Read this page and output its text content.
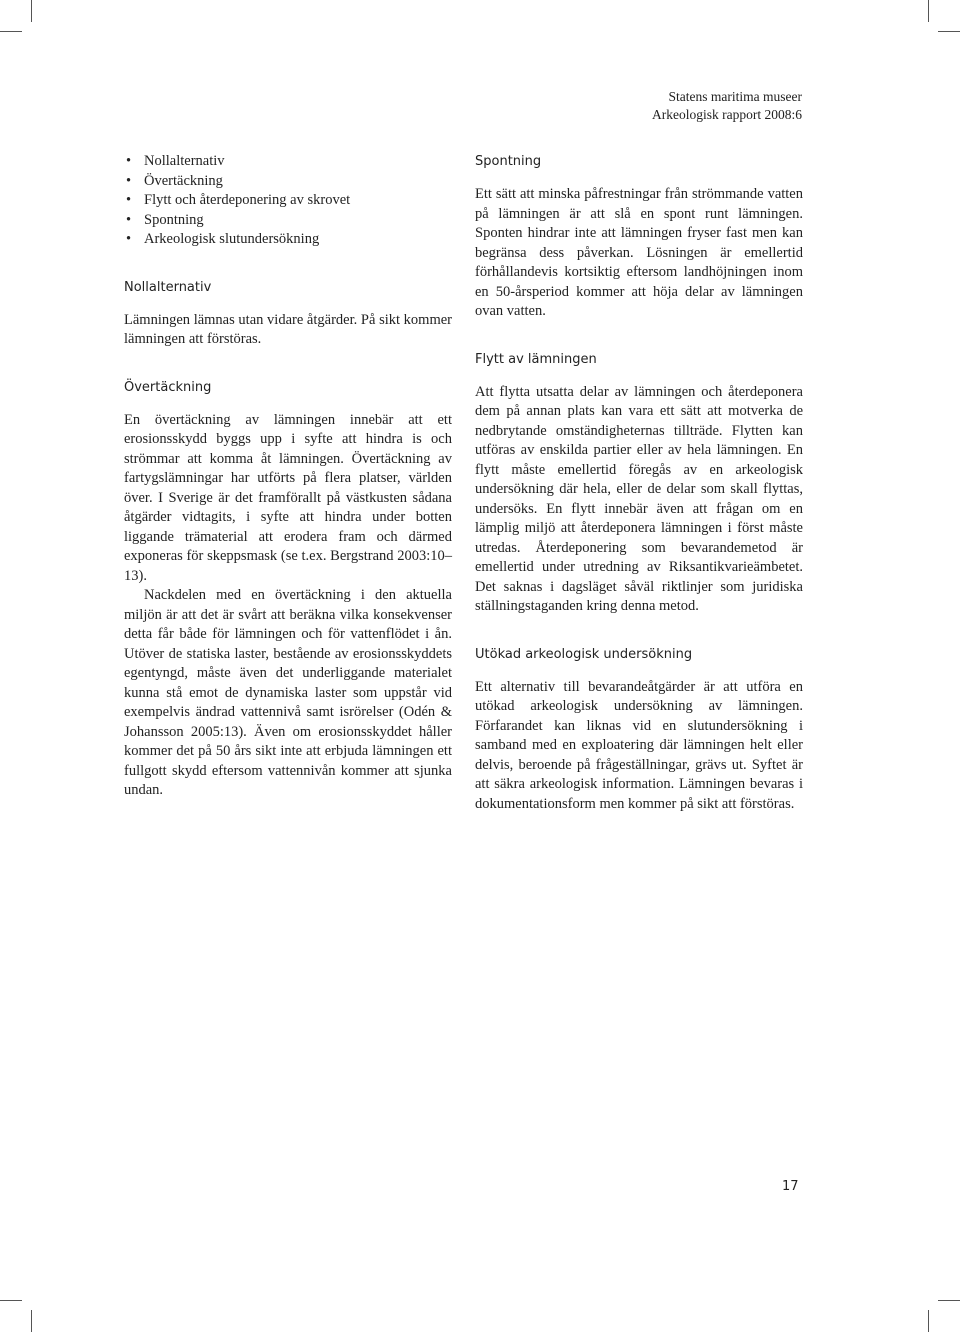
Statens maritima museer
Arkeologisk rapport 2008:6
• Nollalternativ
• Övertäckning
• Flytt och återdeponering av skrovet
• Spontning
• Arkeologisk slutundersökning
Nollalternativ

Lämningen lämnas utan vidare åtgärder. På sikt kommer lämningen att förstöras.

Övertäckning

En övertäckning av lämningen innebär att ett erosionsskydd byggs upp i syfte att hindra is och strömmar att komma åt lämningen. Övertäckning av fartygslämningar har utförts på flera platser, världen över. I Sverige är det framförallt på västkusten sådana åtgärder vidtagits, i syfte att hindra under botten liggande trämaterial att erodera fram och därmed exponeras för skeppsmask (se t.ex. Bergstrand 2003:10–13).

Nackdelen med en övertäckning i den aktuella miljön är att det är svårt att beräkna vilka konsekvenser detta får både för lämningen och för vattenflödet i ån. Utöver de statiska laster, bestående av erosionsskyddets egentyngd, måste även det underliggande materialet kunna stå emot de dynamiska laster som uppstår vid exempelvis ändrad vattennivå samt isrörelser (Odén & Johansson 2005:13). Även om erosionsskyddet håller kommer det på 50 års sikt inte att erbjuda lämningen ett fullgott skydd eftersom vattennivån kommer att sjunka undan.

Spontning

Ett sätt att minska påfrestningar från strömmande vatten på lämningen är att slå en spont runt lämningen. Sponten hindrar inte att lämningen fryser fast men kan begränsa dess påverkan. Lösningen är emellertid förhållandevis kortsiktig eftersom landhöjningen inom en 50-årsperiod kommer att höja delar av lämningen ovan vatten.

Flytt av lämningen

Att flytta utsatta delar av lämningen och återdeponera dem på annan plats kan vara ett sätt att motverka de nedbrytande omständigheternas tillträde. Flytten kan utföras av enskilda partier eller av hela lämningen. En flytt måste emellertid föregås av en arkeologisk undersökning där hela, eller de delar som skall flyttas, undersöks. En flytt innebär även att frågan om en lämplig miljö att återdeponera lämningen i först måste utredas. Återdeponering som bevarandemetod är emellertid under utredning av Riksantikvarieämbetet. Det saknas i dagsläget såväl riktlinjer som juridiska ställningstaganden kring denna metod.

Utökad arkeologisk undersökning

Ett alternativ till bevarandeåtgärder är att utföra en utökad arkeologisk undersökning av lämningen. Förfarandet kan liknas vid en slutundersökning i samband med en exploatering där lämningen helt eller delvis, beroende på frågeställningar, grävs ut. Syftet är att säkra arkeologisk information. Lämningen bevaras i dokumentationsform men kommer på sikt att förstöras.

17
